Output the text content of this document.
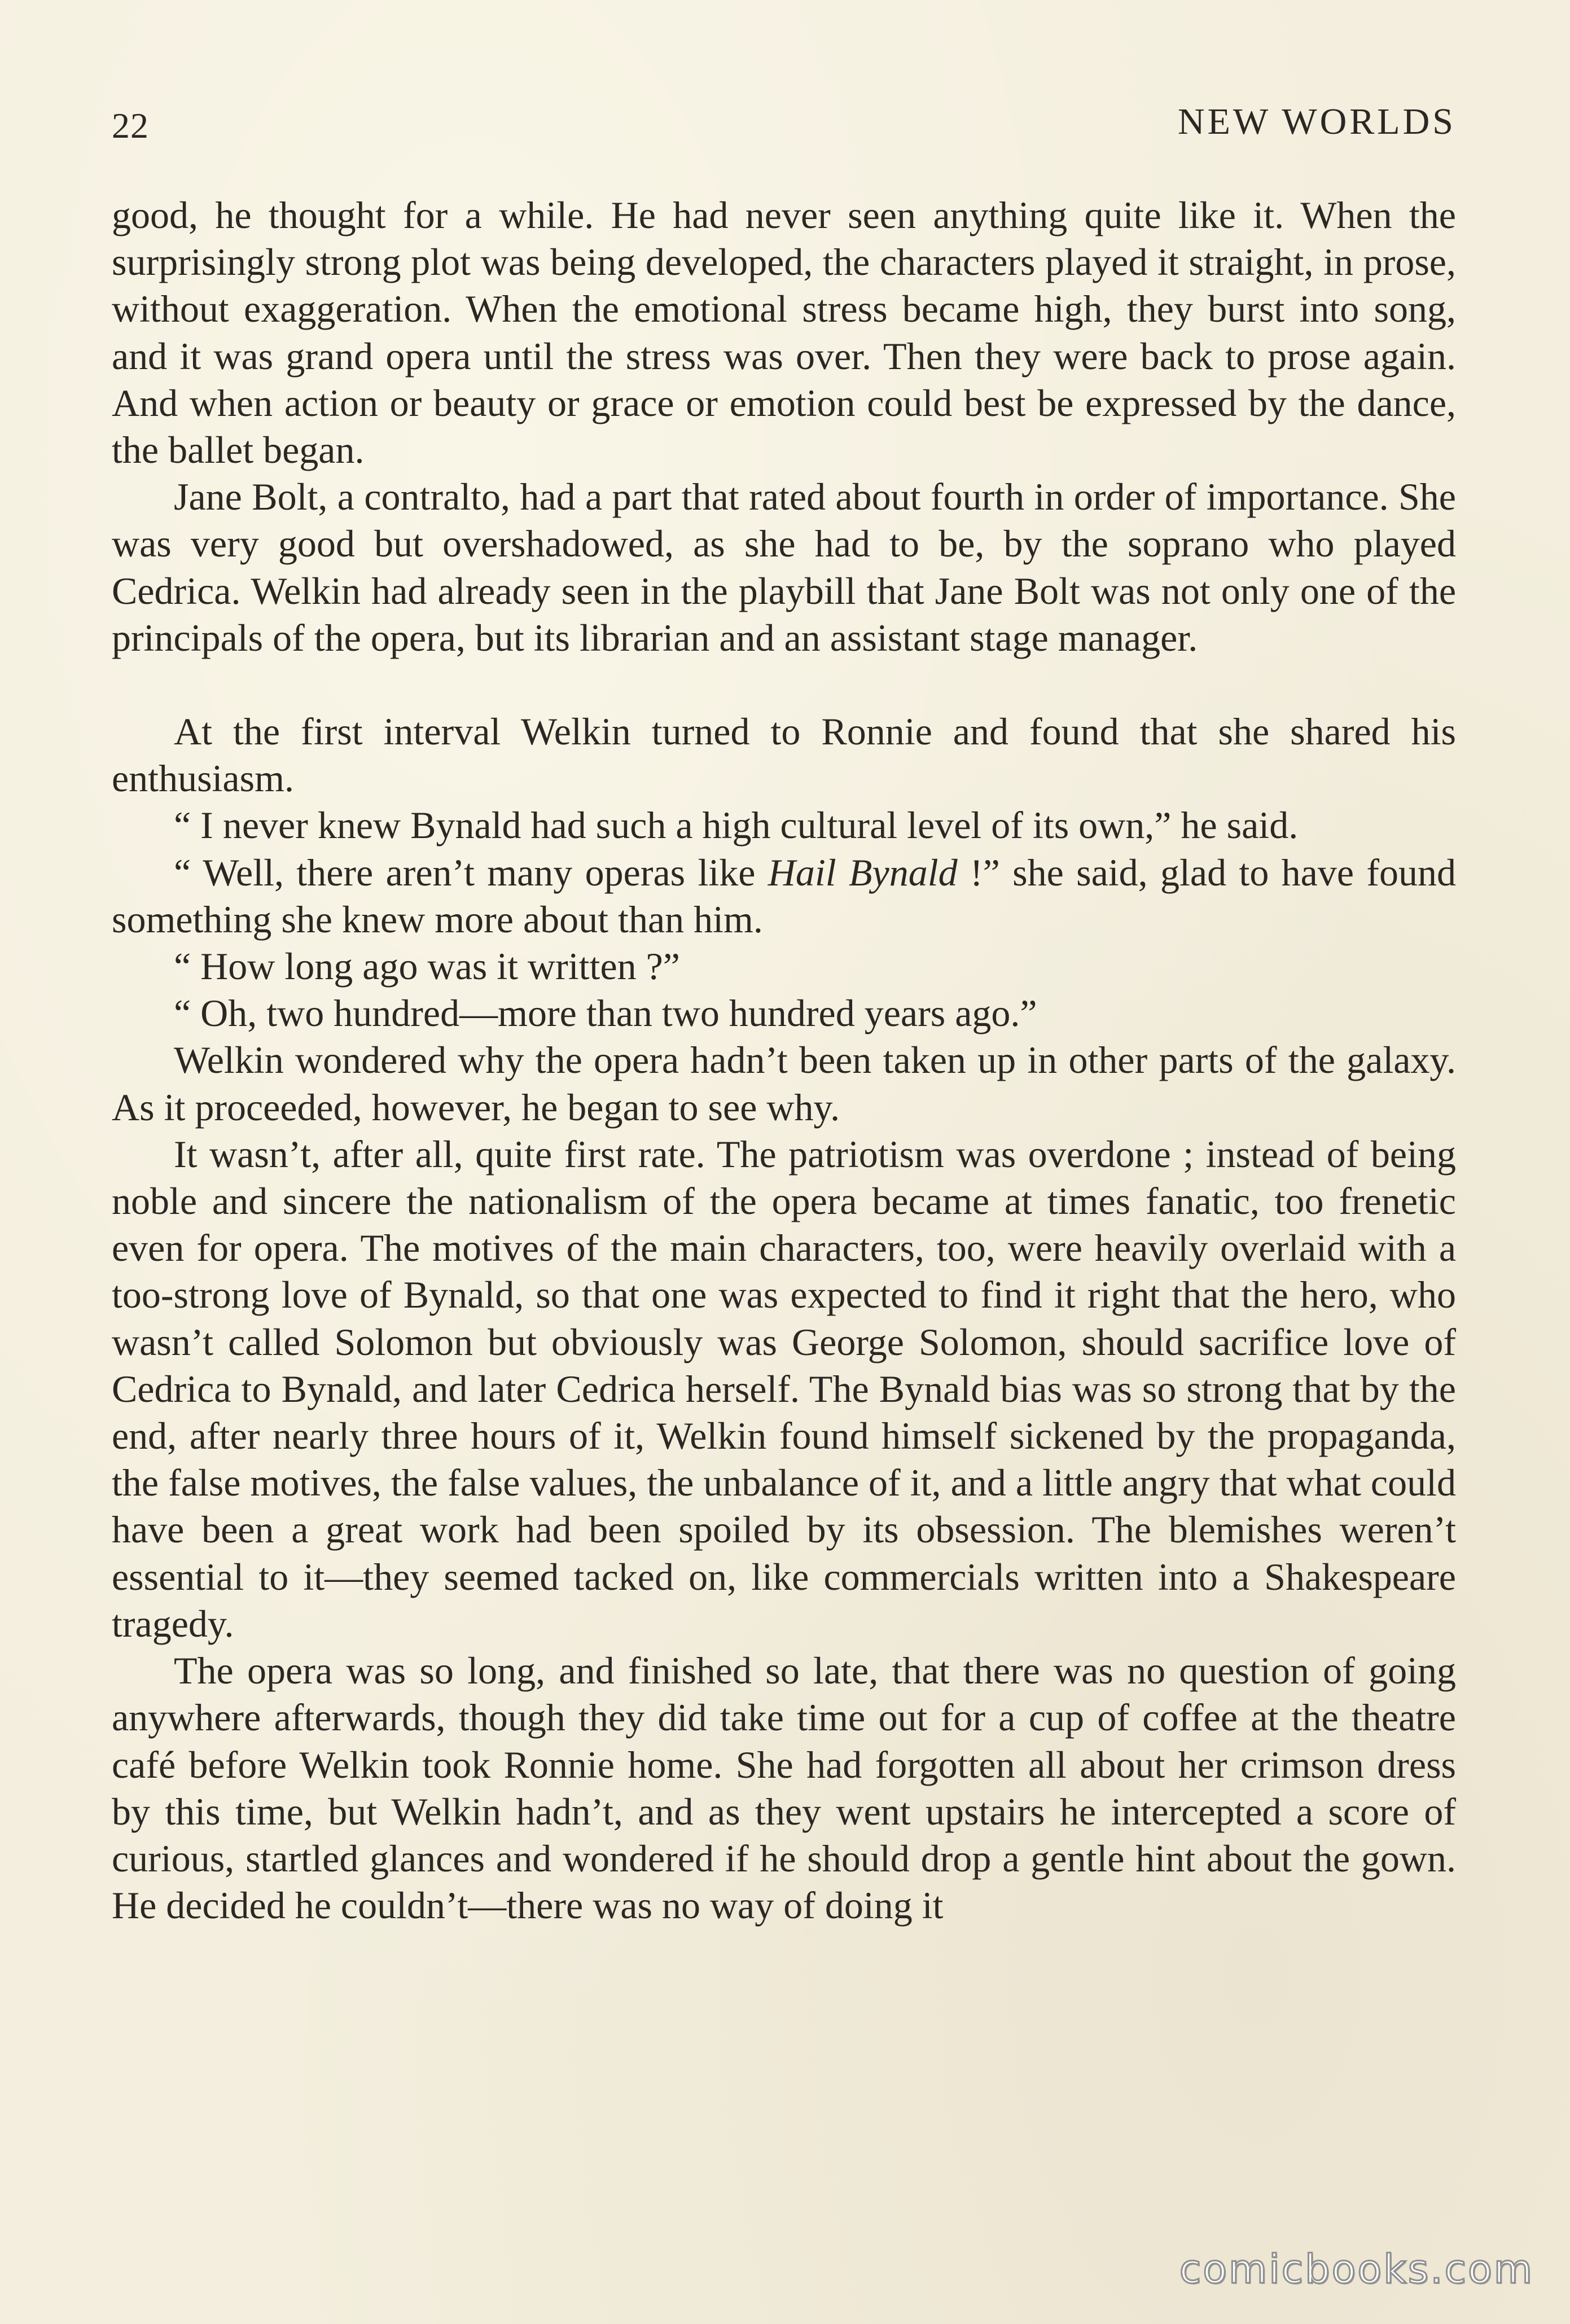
22	NEW WORLDS

good, he thought for a while. He had never seen anything quite like it. When the surprisingly strong plot was being developed, the characters played it straight, in prose, without exaggeration. When the emotional stress became high, they burst into song, and it was grand opera until the stress was over. Then they were back to prose again. And when action or beauty or grace or emotion could best be expressed by the dance, the ballet began.

Jane Bolt, a contralto, had a part that rated about fourth in order of importance. She was very good but overshadowed, as she had to be, by the soprano who played Cedrica. Welkin had already seen in the playbill that Jane Bolt was not only one of the principals of the opera, but its librarian and an assistant stage manager.

At the first interval Welkin turned to Ronnie and found that she shared his enthusiasm.

“ I never knew Bynald had such a high cultural level of its own,” he said.

“ Well, there aren’t many operas like Hail Bynald !” she said, glad to have found something she knew more about than him.

“ How long ago was it written ?”

“ Oh, two hundred—more than two hundred years ago.”

Welkin wondered why the opera hadn’t been taken up in other parts of the galaxy. As it proceeded, however, he began to see why.

It wasn’t, after all, quite first rate. The patriotism was overdone ; instead of being noble and sincere the nationalism of the opera became at times fanatic, too frenetic even for opera. The motives of the main characters, too, were heavily overlaid with a too-strong love of Bynald, so that one was expected to find it right that the hero, who wasn’t called Solomon but obviously was George Solomon, should sacrifice love of Cedrica to Bynald, and later Cedrica herself. The Bynald bias was so strong that by the end, after nearly three hours of it, Welkin found himself sickened by the propaganda, the false motives, the false values, the unbalance of it, and a little angry that what could have been a great work had been spoiled by its obsession. The blemishes weren’t essential to it—they seemed tacked on, like commercials written into a Shakespeare tragedy.

The opera was so long, and finished so late, that there was no question of going anywhere afterwards, though they did take time out for a cup of coffee at the theatre café before Welkin took Ronnie home. She had forgotten all about her crimson dress by this time, but Welkin hadn’t, and as they went upstairs he intercepted a score of curious, startled glances and wondered if he should drop a gentle hint about the gown. He decided he couldn’t—there was no way of doing it

comicbooks.com
